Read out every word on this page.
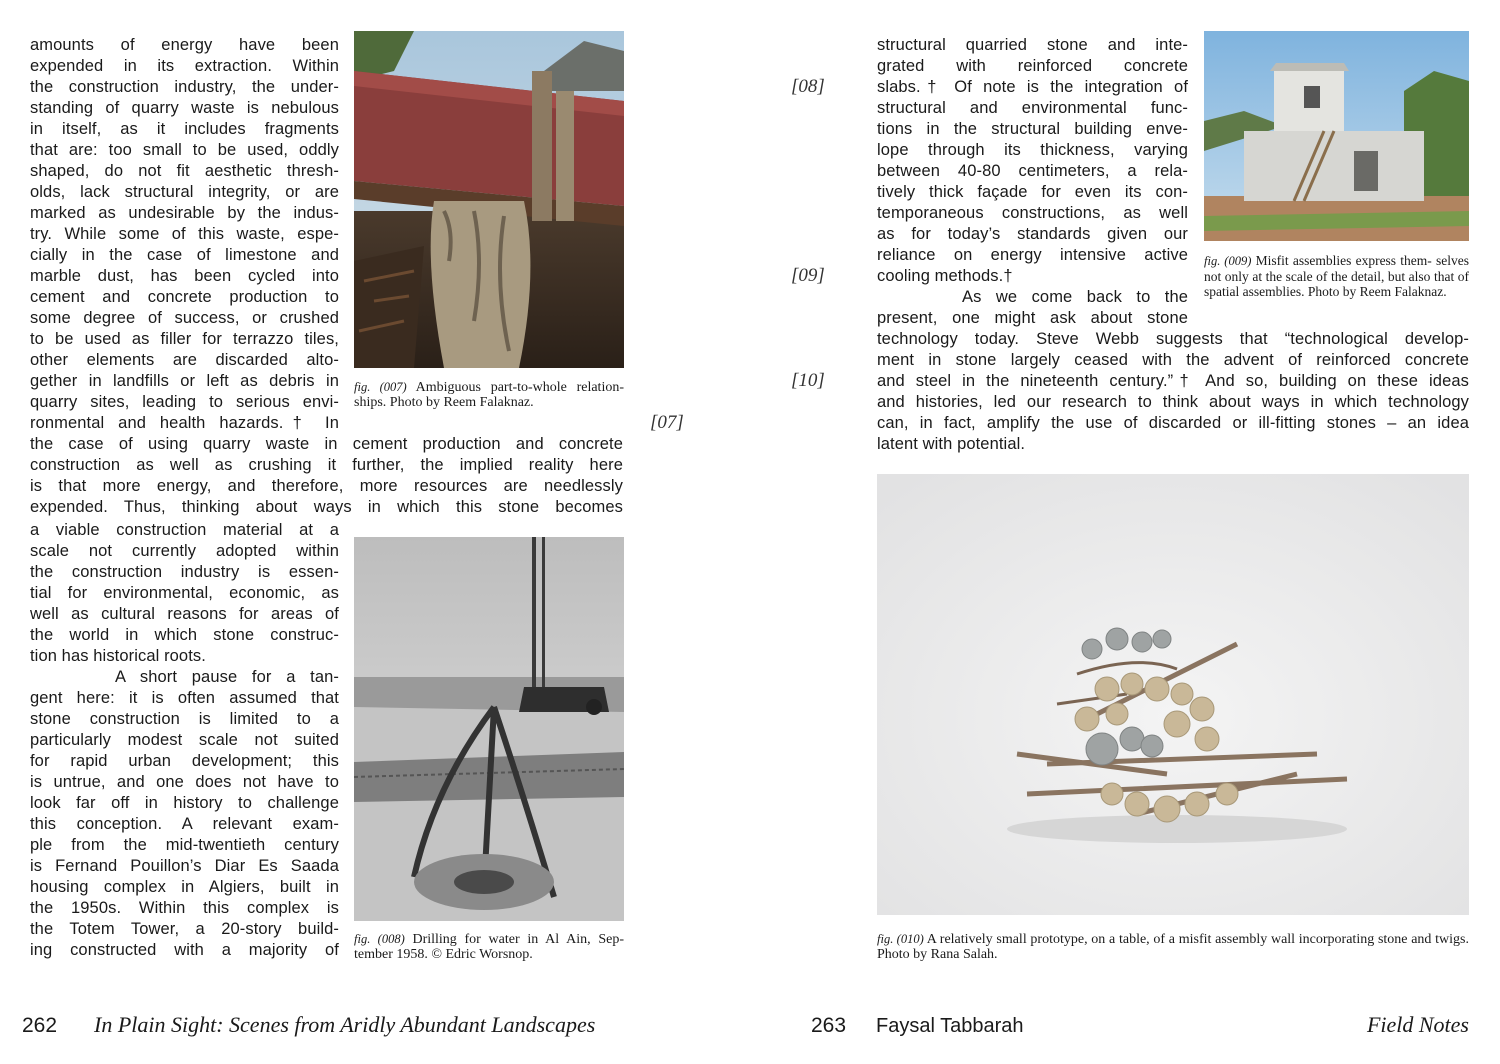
amounts of energy have been
expended in its extraction. Within
the construction industry, the under-
standing of quarry waste is nebulous
in itself, as it includes fragments
that are: too small to be used, oddly
shaped, do not fit aesthetic thresh-
olds, lack structural integrity, or are
marked as undesirable by the indus-
try. While some of this waste, espe-
cially in the case of limestone and
marble dust, has been cycled into
cement and concrete production to
some degree of success, or crushed
to be used as filler for terrazzo tiles,
other elements are discarded alto-
gether in landfills or left as debris in
quarry sites, leading to serious envi-
ronmental and health hazards.† In
the case of using quarry waste in cement production and concrete
construction as well as crushing it further, the implied reality here
is that more energy, and therefore, more resources are needlessly
expended. Thus, thinking about ways in which this stone becomes
a viable construction material at a
scale not currently adopted within
the construction industry is essen-
tial for environmental, economic, as
well as cultural reasons for areas of
the world in which stone construc-
tion has historical roots.
A short pause for a tan-
gent here: it is often assumed that
stone construction is limited to a
particularly modest scale not suited
for rapid urban development; this
is untrue, and one does not have to
look far off in history to challenge
this conception. A relevant exam-
ple from the mid-twentieth century
is Fernand Pouillon’s Diar Es Saada
housing complex in Algiers, built in
the 1950s. Within this complex is
the Totem Tower, a 20-story build-
ing constructed with a majority of
fig. (007) Ambiguous part-to-whole relation- ships. Photo by Reem Falaknaz.
fig. (008) Drilling for water in Al Ain, Sep- tember 1958. © Edric Worsnop.
[07]
262 In Plain Sight: Scenes from Aridly Abundant Landscapes
[08]
[09]
[10]
structural quarried stone and inte-
grated with reinforced concrete
slabs.† Of note is the integration of
structural and environmental func-
tions in the structural building enve-
lope through its thickness, varying
between 40-80 centimeters, a rela-
tively thick façade for even its con-
temporaneous constructions, as well
as for today’s standards given our
reliance on energy intensive active
cooling methods.†
As we come back to the
present, one might ask about stone
technology today. Steve Webb suggests that “technological develop-
ment in stone largely ceased with the advent of reinforced concrete
and steel in the nineteenth century.”† And so, building on these ideas
and histories, led our research to think about ways in which technology
can, in fact, amplify the use of discarded or ill-fitting stones – an idea
latent with potential.
fig. (009) Misfit assemblies express them- selves not only at the scale of the detail, but also that of spatial assemblies. Photo by Reem Falaknaz.
fig. (010) A relatively small prototype, on a table, of a misfit assembly wall incorporating stone and twigs. Photo by Rana Salah.
263 Faysal Tabbarah	Field Notes
